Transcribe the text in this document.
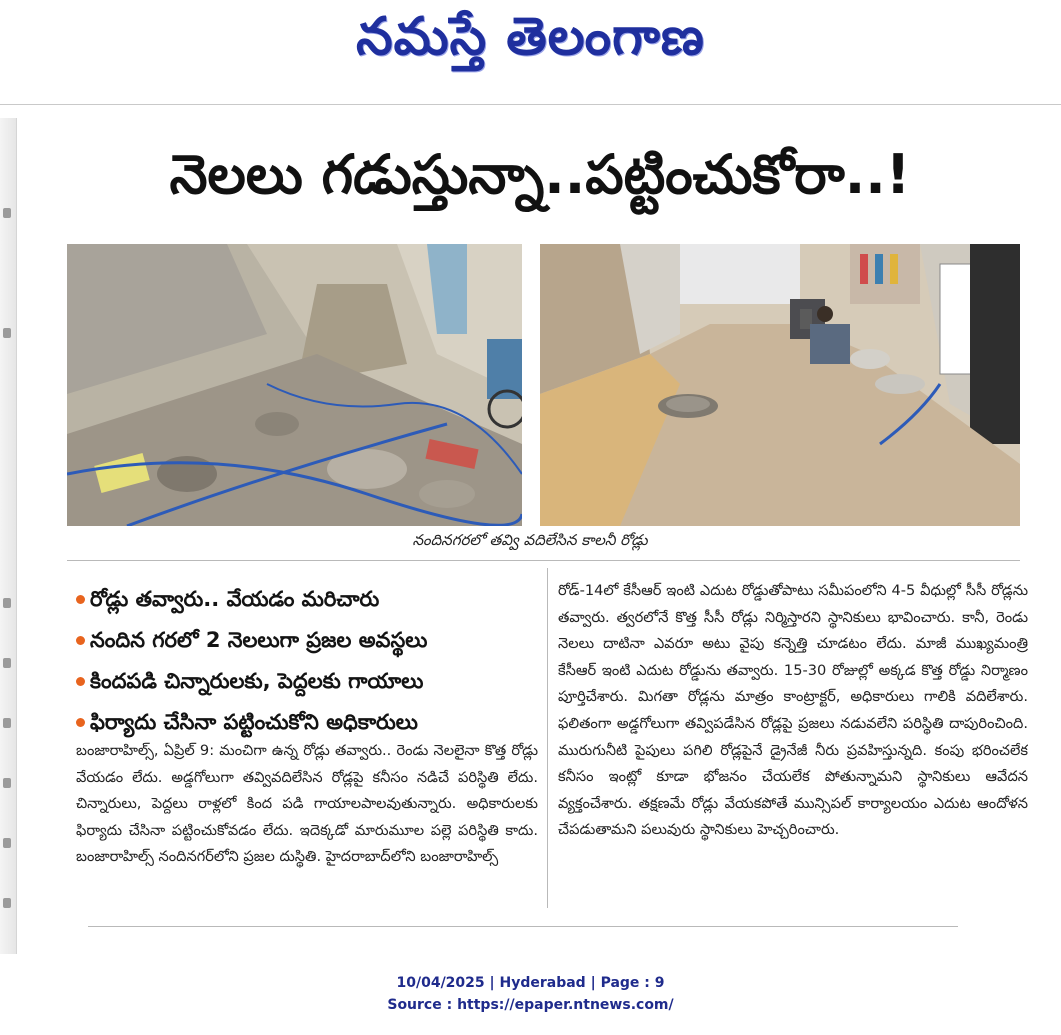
నమస్తే తెలంగాణ
నెలలు గడుస్తున్నా..పట్టించుకోరా..!
నందినగరలో తవ్వి వదిలేసిన కాలనీ రోడ్లు
రోడ్లు తవ్వారు.. వేయడం మరిచారు
నందిన గరలో 2 నెలలుగా ప్రజల అవస్థలు
కిందపడి చిన్నారులకు, పెద్దలకు గాయాలు
ఫిర్యాదు చేసినా పట్టించుకోని అధికారులు
బంజారాహిల్స్, ఏప్రిల్ 9: మంచిగా ఉన్న రోడ్లు తవ్వారు.. రెండు నెలలైనా కొత్త రోడ్లు వేయడం లేదు. అడ్డగోలుగా తవ్వివదిలేసిన రోడ్లపై కనీసం నడిచే పరిస్థితి లేదు. చిన్నారులు, పెద్దలు రాళ్లలో కింద పడి గాయాలపాలవుతున్నారు. అధికారులకు ఫిర్యాదు చేసినా పట్టించుకోవడం లేదు. ఇదెక్కడో మారుమూల పల్లె పరిస్థితి కాదు. బంజారాహిల్స్ నందినగర్‌లోని ప్రజల దుస్థితి. హైదరాబాద్‌లోని బంజారాహిల్స్
రోడ్-14లో కేసీఆర్ ఇంటి ఎదుట రోడ్డుతోపాటు సమీపంలోని 4-5 వీధుల్లో సీసీ రోడ్లను తవ్వారు. త్వరలోనే కొత్త సీసీ రోడ్లు నిర్మిస్తారని స్థానికులు భావించారు. కానీ, రెండు నెలలు దాటినా ఎవరూ అటు వైపు కన్నెత్తి చూడటం లేదు. మాజీ ముఖ్యమంత్రి కేసీఆర్ ఇంటి ఎదుట రోడ్డును తవ్వారు. 15-30 రోజుల్లో అక్కడ కొత్త రోడ్డు నిర్మాణం పూర్తిచేశారు. మిగతా రోడ్లను మాత్రం కాంట్రాక్టర్, అధికారులు గాలికి వదిలేశారు. ఫలితంగా అడ్డగోలుగా తవ్విపడేసిన రోడ్లపై ప్రజలు నడువలేని పరిస్థితి దాపురించింది. మురుగునీటి పైపులు పగిలి రోడ్లపైనే డ్రైనేజీ నీరు ప్రవహిస్తున్నది. కంపు భరించలేక కనీసం ఇంట్లో కూడా భోజనం చేయలేక పోతున్నామని స్థానికులు ఆవేదన వ్యక్తంచేశారు. తక్షణమే రోడ్లు వేయకపోతే మున్సిపల్ కార్యాలయం ఎదుట ఆందోళన చేపడుతామని పలువురు స్థానికులు హెచ్చరించారు.
10/04/2025 | Hyderabad | Page : 9
Source : https://epaper.ntnews.com/
